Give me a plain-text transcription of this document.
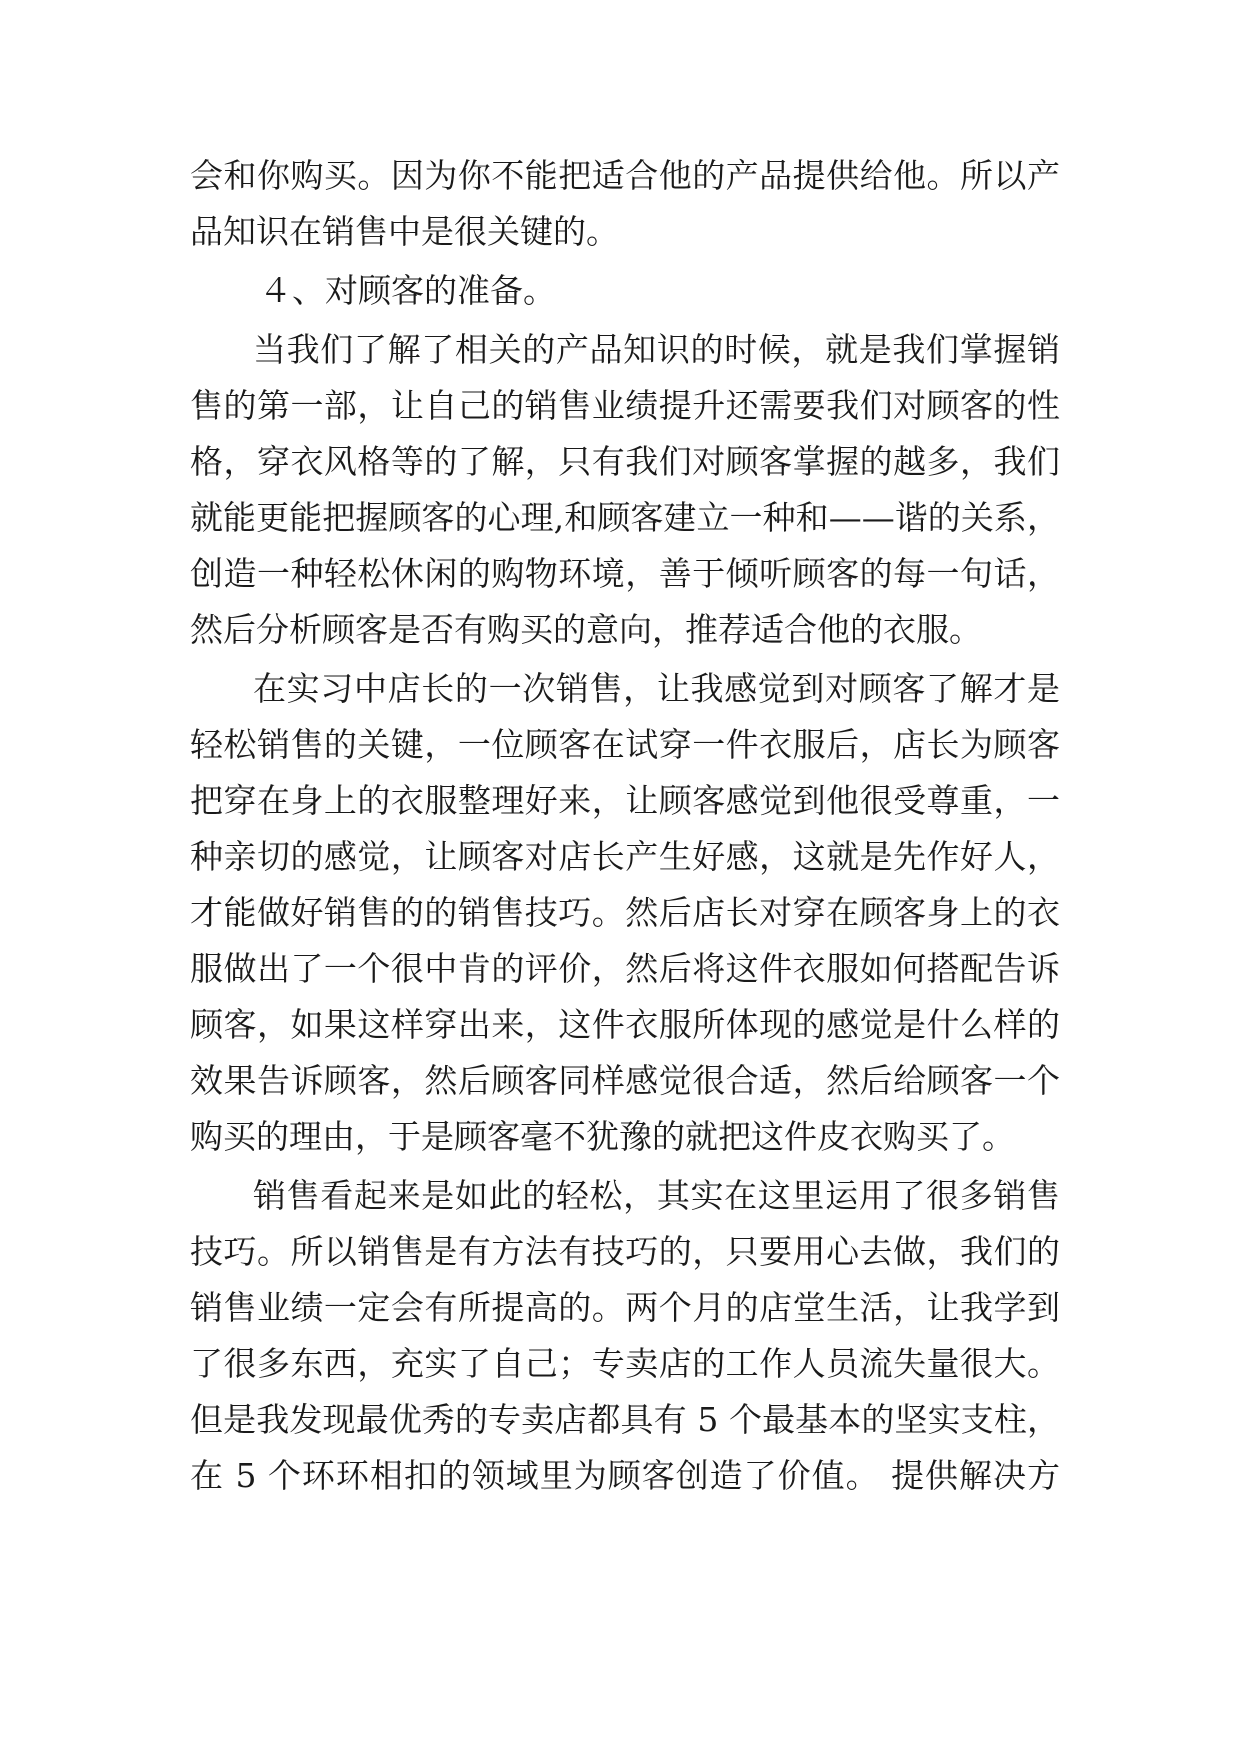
会和你购买。因为你不能把适合他的产品提供给他。所以产
品知识在销售中是很关键的。
４、对顾客的准备。
当我们了解了相关的产品知识的时候，就是我们掌握销
售的第一部，让自己的销售业绩提升还需要我们对顾客的性
格，穿衣风格等的了解，只有我们对顾客掌握的越多，我们
就能更能把握顾客的心理,和顾客建立一种和——谐的关系，
创造一种轻松休闲的购物环境，善于倾听顾客的每一句话，
然后分析顾客是否有购买的意向，推荐适合他的衣服。
在实习中店长的一次销售，让我感觉到对顾客了解才是
轻松销售的关键，一位顾客在试穿一件衣服后，店长为顾客
把穿在身上的衣服整理好来，让顾客感觉到他很受尊重，一
种亲切的感觉，让顾客对店长产生好感，这就是先作好人，
才能做好销售的的销售技巧。然后店长对穿在顾客身上的衣
服做出了一个很中肯的评价，然后将这件衣服如何搭配告诉
顾客，如果这样穿出来，这件衣服所体现的感觉是什么样的
效果告诉顾客，然后顾客同样感觉很合适，然后给顾客一个
购买的理由，于是顾客毫不犹豫的就把这件皮衣购买了。
销售看起来是如此的轻松，其实在这里运用了很多销售
技巧。所以销售是有方法有技巧的，只要用心去做，我们的
销售业绩一定会有所提高的。两个月的店堂生活，让我学到
了很多东西，充实了自己；专卖店的工作人员流失量很大。
但是我发现最优秀的专卖店都具有 5 个最基本的坚实支柱，
在 5 个环环相扣的领域里为顾客创造了价值。 提供解决方
